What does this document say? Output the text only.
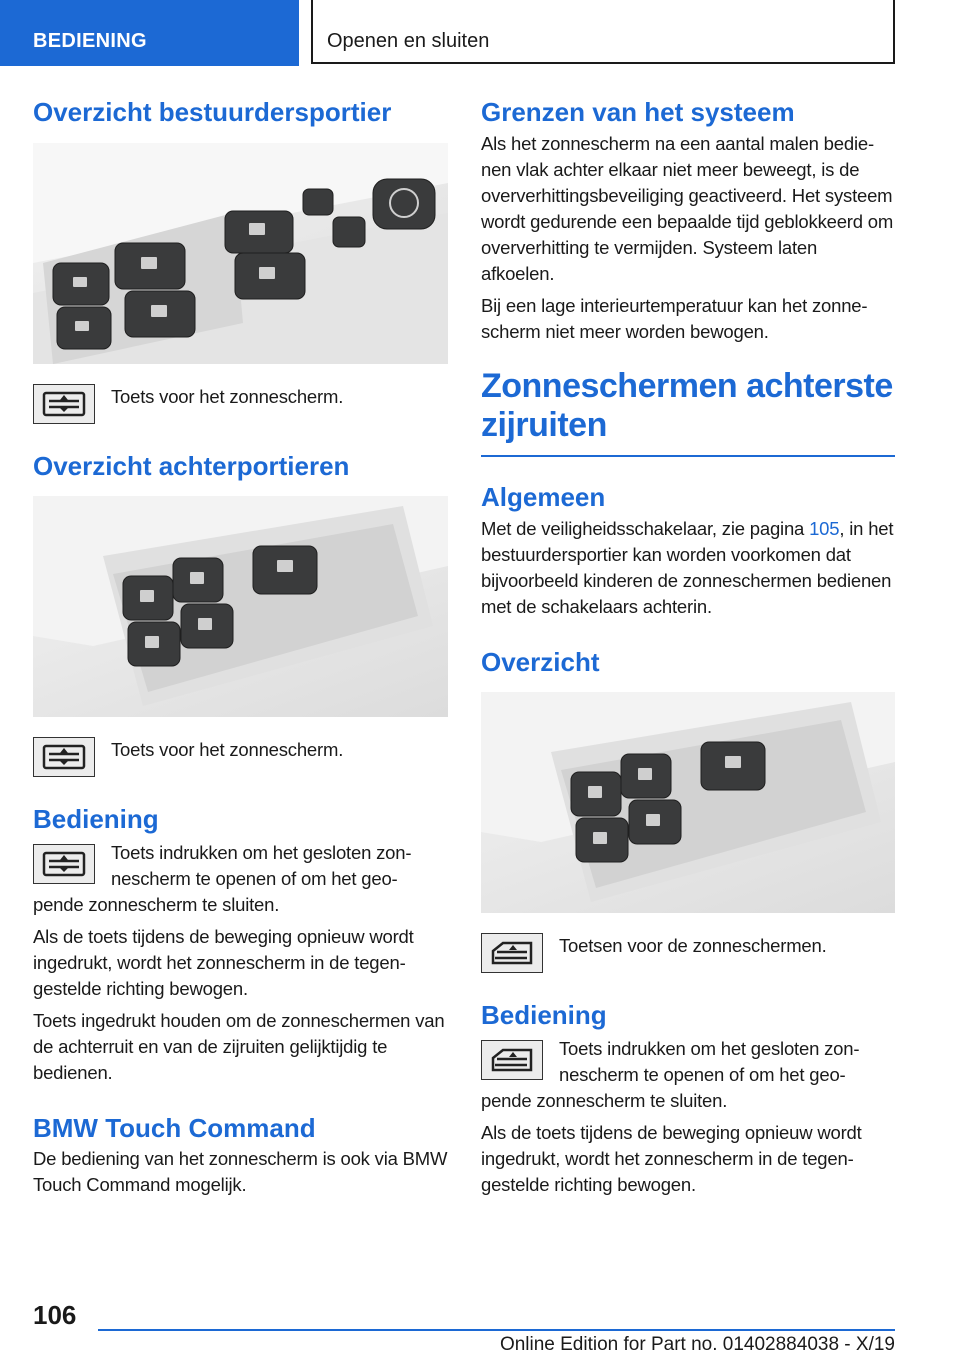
BEDIENING	Openen en sluiten
Overzicht bestuurdersportier

Toets voor het zonnescherm.

Overzicht achterportieren

Toets voor het zonnescherm.

Bediening

Toets indrukken om het gesloten zon-

nescherm te openen of om het geo-

pende zonnescherm te sluiten.

Als de toets tijdens de beweging opnieuw wordt ingedrukt, wordt het zonnescherm in de tegengestelde richting bewogen.

Toets ingedrukt houden om de zonneschermen van de achterruit en van de zijruiten gelijktijdig te bedienen.

BMW Touch Command

De bediening van het zonnescherm is ook via BMW Touch Command mogelijk.

Grenzen van het systeem

Als het zonnescherm na een aantal malen bedienen vlak achter elkaar niet meer beweegt, is de oververhittingsbeveiliging geactiveerd. Het systeem wordt gedurende een bepaalde tijd geblokkeerd om oververhitting te vermijden. Systeem laten afkoelen.

Bij een lage interieurtemperatuur kan het zonnescherm niet meer worden bewogen.

Zonneschermen achterste zijruiten
Algemeen

Met de veiligheidsschakelaar, zie pagina 105, in het bestuurdersportier kan worden voorkomen dat bijvoorbeeld kinderen de zonneschermen bedienen met de schakelaars achterin.

Overzicht

Toetsen voor de zonneschermen.

Bediening

Toets indrukken om het gesloten zon-

nescherm te openen of om het geo-

pende zonnescherm te sluiten.

Als de toets tijdens de beweging opnieuw wordt ingedrukt, wordt het zonnescherm in de tegengestelde richting bewogen.

106
Online Edition for Part no. 01402884038 - X/19
